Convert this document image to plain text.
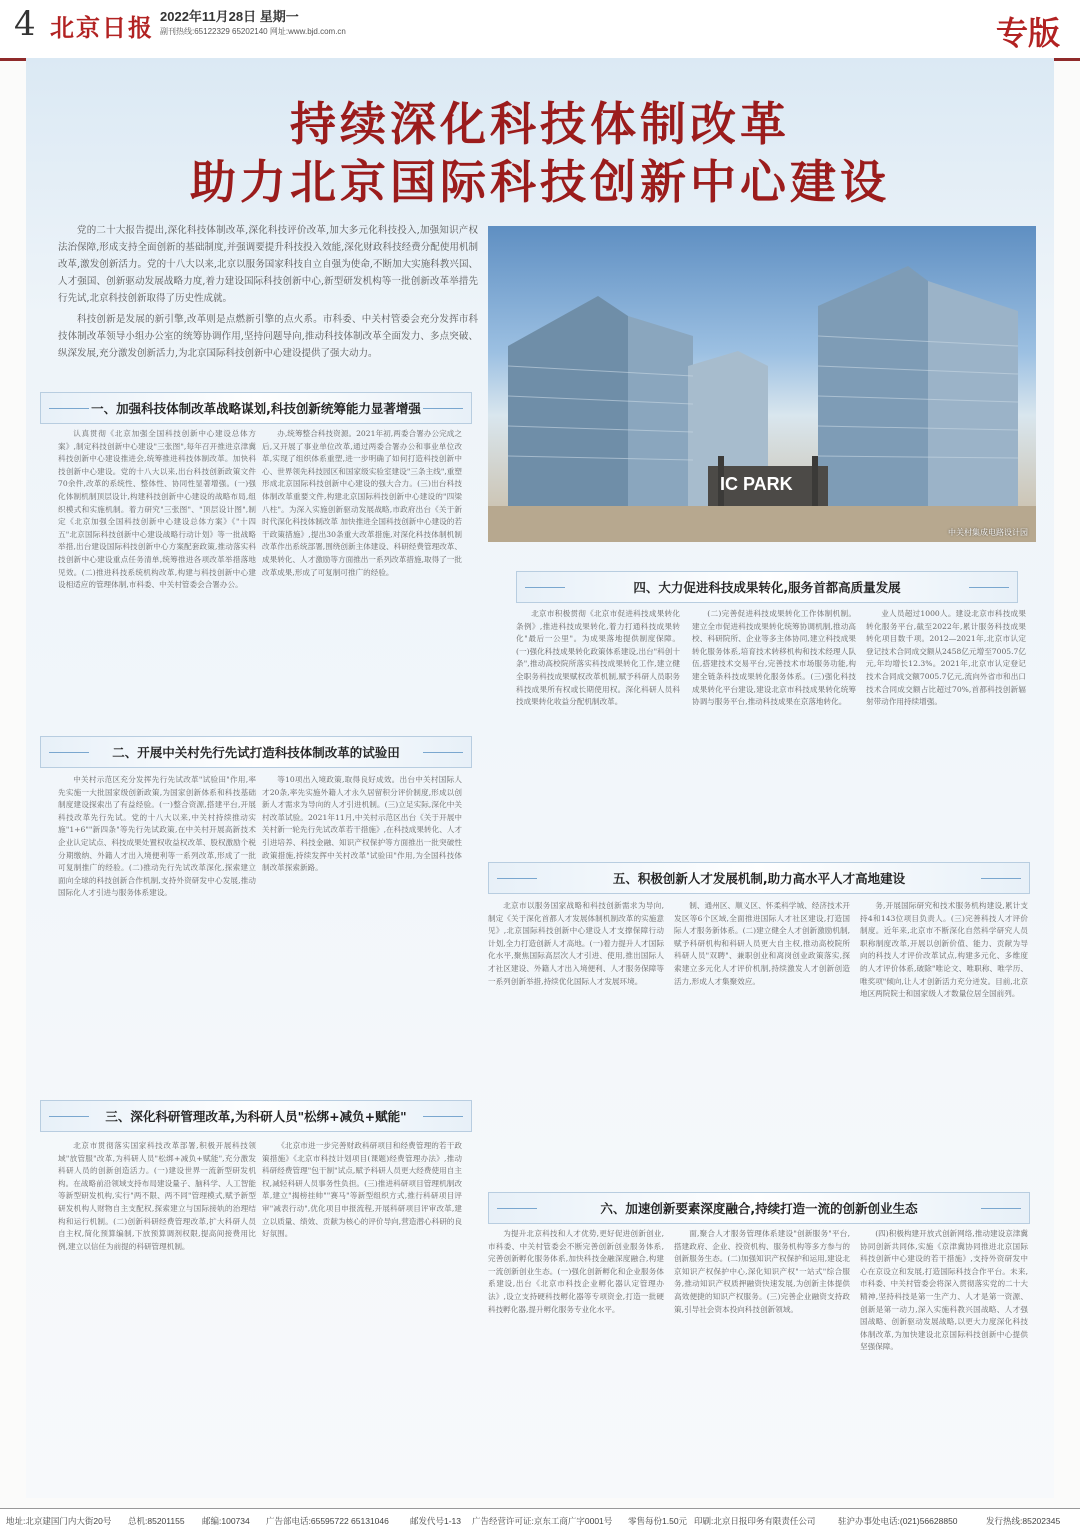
4 北京日报 2022年11月28日 星期一
副刊热线:65122329 65202140 网址:www.bjd.com.cn	专版
持续深化科技体制改革
助力北京国际科技创新中心建设

党的二十大报告提出,深化科技体制改革,深化科技评价改革,加大多元化科技投入,加强知识产权法治保障,形成支持全面创新的基础制度,并强调要提升科技投入效能,深化财政科技经费分配使用机制改革,激发创新活力。党的十八大以来,北京以服务国家科技自立自强为使命,不断加大实施科教兴国、人才强国、创新驱动发展战略力度,着力建设国际科技创新中心,新型研发机构等一批创新改革举措先行先试,北京科技创新取得了历史性成就。

科技创新是发展的新引擎,改革则是点燃新引擎的点火系。市科委、中关村管委会充分发挥市科技体制改革领导小组办公室的统筹协调作用,坚持问题导向,推动科技体制改革全面发力、多点突破、纵深发展,充分激发创新活力,为北京国际科技创新中心建设提供了强大动力。

IC PARK
中关村集成电路设计园
一、加强科技体制改革战略谋划,科技创新统筹能力显著增强

认真贯彻《北京加强全国科技创新中心建设总体方案》,制定科技创新中心建设"三张图",每年召开推进京津冀科技创新中心建设推进会,统筹推进科技体制改革。加快科技创新中心建设。党的十八大以来,出台科技创新政策文件70余件,改革的系统性、整体性、协同性显著增强。(一)强化体制机制顶层设计,构建科技创新中心建设的战略布局,组织模式和实施机制。着力研究"三张图"、"顶层设计图",制定《北京加强全国科技创新中心建设总体方案》《"十四五"北京国际科技创新中心建设战略行动计划》等一批战略举措,出台建设国际科技创新中心方案配套政策,推动落实科技创新中心建设重点任务清单,统筹推进各项改革举措落地见效。(二)推进科技系统机构改革,构建与科技创新中心建设相适应的管理体制,市科委、中关村管委会合署办公。

办,统筹整合科技资源。2021年初,两委合署办公完成之后,又开展了事业单位改革,通过两委合署办公和事业单位改革,实现了组织体系重塑,进一步明确了如何打造科技创新中心、世界领先科技园区和国家级实验室建设"三条主线",重塑形成北京国际科技创新中心建设的强大合力。(三)出台科技体制改革重要文件,构建北京国际科技创新中心建设的"四梁八柱"。为深入实施创新驱动发展战略,市政府出台《关于新时代深化科技体制改革 加快推进全国科技创新中心建设的若干政策措施》,提出30条重大改革措施,对深化科技体制机制改革作出系统部署,围绕创新主体建设、科研经费管理改革、成果转化、人才激励等方面推出一系列改革措施,取得了一批改革成果,形成了可复制可推广的经验。

二、开展中关村先行先试打造科技体制改革的试验田

中关村示范区充分发挥先行先试改革"试验田"作用,率先实施一大批国家级创新政策,为国家创新体系和科技基础制度建设探索出了有益经验。(一)整合资源,搭建平台,开展科技改革先行先试。党的十八大以来,中关村持续推动实施"1+6""新四条"等先行先试政策,在中关村开展高新技术企业认定试点、科技成果处置权收益权改革、股权激励个税分期缴纳、外籍人才出入境便利等一系列改革,形成了一批可复制推广的经验。(二)推动先行先试改革深化,探索建立面向全球的科技创新合作机制,支持外资研发中心发展,推动国际化人才引进与服务体系建设。

等10项出入境政策,取得良好成效。出台中关村国际人才20条,率先实施外籍人才永久居留积分评价制度,形成以创新人才需求为导向的人才引进机制。(三)立足实际,深化中关村改革试验。2021年11月,中关村示范区出台《关于开展中关村新一轮先行先试改革若干措施》,在科技成果转化、人才引进培养、科技金融、知识产权保护等方面推出一批突破性政策措施,持续发挥中关村改革"试验田"作用,为全国科技体制改革探索新路。

三、深化科研管理改革,为科研人员"松绑+减负+赋能"

北京市贯彻落实国家科技改革部署,积极开展科技领域"放管服"改革,为科研人员"松绑+减负+赋能",充分激发科研人员的创新创造活力。(一)建设世界一流新型研发机构。在战略前沿领域支持布局建设量子、脑科学、人工智能等新型研发机构,实行"两不限、两不同"管理模式,赋予新型研发机构人财物自主支配权,探索建立与国际接轨的治理结构和运行机制。(二)创新科研经费管理改革,扩大科研人员自主权,简化预算编制,下放预算调剂权限,提高间接费用比例,建立以信任为前提的科研管理机制。

《北京市进一步完善财政科研项目和经费管理的若干政策措施》《北京市科技计划项目(课题)经费管理办法》,推动科研经费管理"包干制"试点,赋予科研人员更大经费使用自主权,减轻科研人员事务性负担。(三)推进科研项目管理机制改革,建立"揭榜挂帅""赛马"等新型组织方式,推行科研项目评审"减表行动",优化项目申报流程,开展科研项目评审改革,建立以质量、绩效、贡献为核心的评价导向,营造潜心科研的良好氛围。

四、大力促进科技成果转化,服务首都高质量发展

北京市积极贯彻《北京市促进科技成果转化条例》,推进科技成果转化,着力打通科技成果转化"最后一公里"。为成果落地提供制度保障。(一)强化科技成果转化政策体系建设,出台"科创十条",推动高校院所落实科技成果转化工作,建立健全职务科技成果赋权改革机制,赋予科研人员职务科技成果所有权或长期使用权。深化科研人员科技成果转化收益分配机制改革。

(二)完善促进科技成果转化工作体制机制。建立全市促进科技成果转化统筹协调机制,推动高校、科研院所、企业等多主体协同,建立科技成果转化服务体系,培育技术转移机构和技术经理人队伍,搭建技术交易平台,完善技术市场服务功能,构建全链条科技成果转化服务体系。(三)强化科技成果转化平台建设,建设北京市科技成果转化统筹协调与服务平台,推动科技成果在京落地转化。

业人员超过1000人。建设北京市科技成果转化服务平台,截至2022年,累计服务科技成果转化项目数千项。2012—2021年,北京市认定登记技术合同成交额从2458亿元增至7005.7亿元,年均增长12.3%。2021年,北京市认定登记技术合同成交额7005.7亿元,流向外省市和出口技术合同成交额占比超过70%,首都科技创新辐射带动作用持续增强。

五、积极创新人才发展机制,助力高水平人才高地建设

北京市以服务国家战略和科技创新需求为导向,制定《关于深化首都人才发展体制机制改革的实施意见》,北京国际科技创新中心建设人才支撑保障行动计划,全力打造创新人才高地。(一)着力提升人才国际化水平,聚焦国际高层次人才引进、使用,推出国际人才社区建设、外籍人才出入境便利、人才服务保障等一系列创新举措,持续优化国际人才发展环境。

制、通州区、顺义区、怀柔科学城、经济技术开发区等6个区域,全面推进国际人才社区建设,打造国际人才服务新体系。(二)建立健全人才创新激励机制,赋予科研机构和科研人员更大自主权,推动高校院所科研人员"双聘"、兼职创业和离岗创业政策落实,探索建立多元化人才评价机制,持续激发人才创新创造活力,形成人才集聚效应。

务,开展国际研究和技术服务机构建设,累计支持4和143位项目负责人。(三)完善科技人才评价制度。近年来,北京市不断深化自然科学研究人员职称制度改革,开展以创新价值、能力、贡献为导向的科技人才评价改革试点,构建多元化、多维度的人才评价体系,破除"唯论文、唯职称、唯学历、唯奖项"倾向,让人才创新活力充分迸发。目前,北京地区两院院士和国家级人才数量位居全国前列。

六、加速创新要素深度融合,持续打造一流的创新创业生态

为提升北京科技和人才优势,更好促进创新创业,市科委、中关村管委会不断完善创新创业服务体系,完善创新孵化服务体系,加快科技金融深度融合,构建一流创新创业生态。(一)强化创新孵化和企业服务体系建设,出台《北京市科技企业孵化器认定管理办法》,设立支持硬科技孵化器等专项资金,打造一批硬科技孵化器,提升孵化服务专业化水平。

面,聚合人才服务管理体系建设"创新服务"平台,搭建政府、企业、投资机构、服务机构等多方参与的创新服务生态。(二)加强知识产权保护和运用,建设北京知识产权保护中心,深化知识产权"一站式"综合服务,推动知识产权质押融资快速发展,为创新主体提供高效便捷的知识产权服务。(三)完善企业融资支持政策,引导社会资本投向科技创新领域。

(四)积极构建开放式创新网络,推动建设京津冀协同创新共同体,实施《京津冀协同推进北京国际科技创新中心建设的若干措施》,支持外资研发中心在京设立和发展,打造国际科技合作平台。未来,市科委、中关村管委会将深入贯彻落实党的二十大精神,坚持科技是第一生产力、人才是第一资源、创新是第一动力,深入实施科教兴国战略、人才强国战略、创新驱动发展战略,以更大力度深化科技体制改革,为加快建设北京国际科技创新中心提供坚强保障。

地址:北京建国门内大街20号 总机:85201155 邮编:100734 广告部电话:65595722 65131046 邮发代号1-13 广告经营许可证:京东工商广字0001号 零售每份1.50元 印刷:北京日报印务有限责任公司	驻沪办事处电话:(021)56628850	发行热线:85202345
